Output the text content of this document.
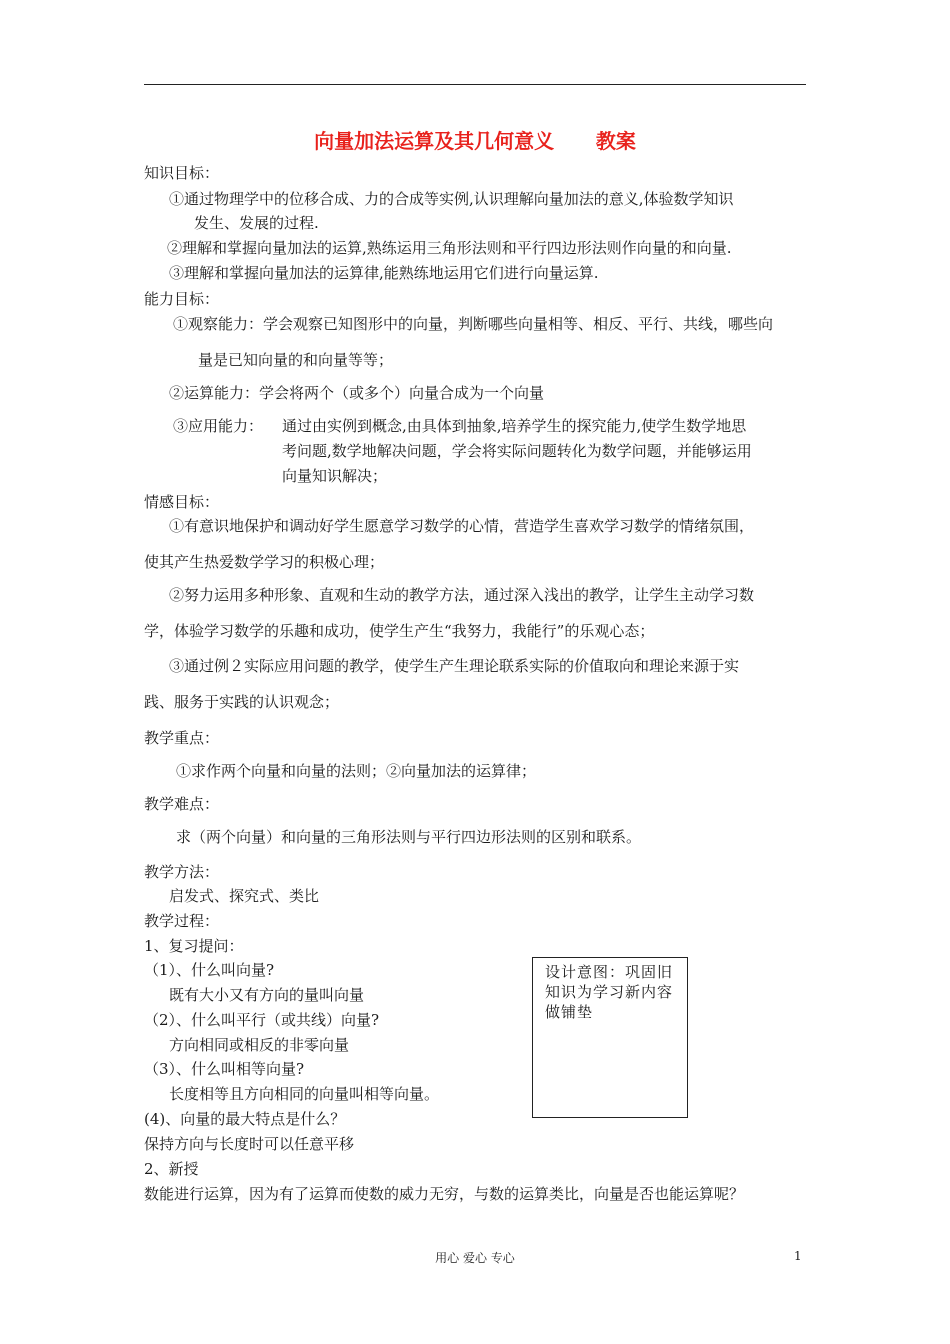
向量加法运算及其几何意义      教案
知识目标：
①通过物理学中的位移合成、力的合成等实例,认识理解向量加法的意义,体验数学知识
发生、发展的过程.
②理解和掌握向量加法的运算,熟练运用三角形法则和平行四边形法则作向量的和向量.
③理解和掌握向量加法的运算律,能熟练地运用它们进行向量运算.
能力目标：
①观察能力：学会观察已知图形中的向量，判断哪些向量相等、相反、平行、共线，哪些向
量是已知向量的和向量等等；
②运算能力：学会将两个（或多个）向量合成为一个向量
③应用能力： 通过由实例到概念,由具体到抽象,培养学生的探究能力,使学生数学地思
考问题,数学地解决问题，学会将实际问题转化为数学问题，并能够运用
向量知识解决；
情感目标：
①有意识地保护和调动好学生愿意学习数学的心情，营造学生喜欢学习数学的情绪氛围，
使其产生热爱数学学习的积极心理；
②努力运用多种形象、直观和生动的教学方法，通过深入浅出的教学，让学生主动学习数
学，体验学习数学的乐趣和成功，使学生产生“我努力，我能行”的乐观心态；
③通过例２实际应用问题的教学，使学生产生理论联系实际的价值取向和理论来源于实
践、服务于实践的认识观念；
教学重点：
①求作两个向量和向量的法则；②向量加法的运算律；
教学难点：
求（两个向量）和向量的三角形法则与平行四边形法则的区别和联系。
教学方法：
启发式、探究式、类比
教学过程：
1、复习提问：
（1）、什么叫向量?
既有大小又有方向的量叫向量
（2）、什么叫平行（或共线）向量?
方向相同或相反的非零向量
（3）、什么叫相等向量?
长度相等且方向相同的向量叫相等向量。
(4)、向量的最大特点是什么？
保持方向与长度时可以任意平移
2、新授
数能进行运算，因为有了运算而使数的威力无穷，与数的运算类比，向量是否也能运算呢？
设计意图：巩固旧知识为学习新内容做铺垫
用心 爱心 专心	1
